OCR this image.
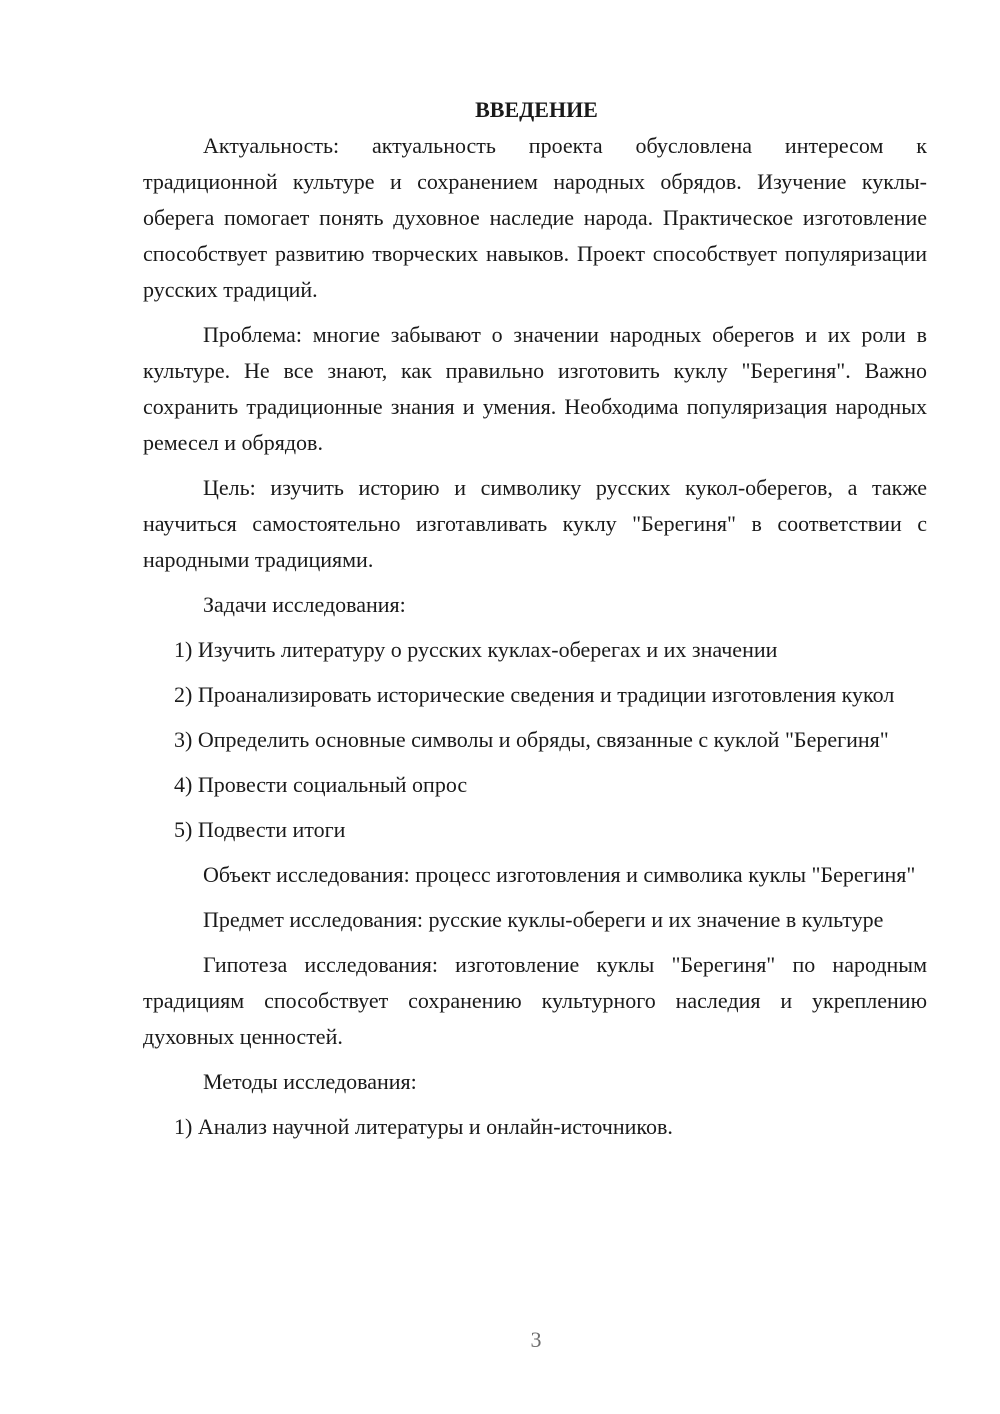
ВВЕДЕНИЕ

Актуальность: актуальность проекта обусловлена интересом к традиционной культуре и сохранением народных обрядов. Изучение куклы-оберега помогает понять духовное наследие народа. Практическое изготовление способствует развитию творческих навыков. Проект способствует популяризации русских традиций.

Проблема: многие забывают о значении народных оберегов и их роли в культуре. Не все знают, как правильно изготовить куклу "Берегиня". Важно сохранить традиционные знания и умения. Необходима популяризация народных ремесел и обрядов.

Цель: изучить историю и символику русских кукол-оберегов, а также научиться самостоятельно изготавливать куклу "Берегиня" в соответствии с народными традициями.

Задачи исследования:

1) Изучить литературу о русских куклах-оберегах и их значении

2) Проанализировать исторические сведения и традиции изготовления кукол

3) Определить основные символы и обряды, связанные с куклой "Берегиня"

4) Провести социальный опрос

5) Подвести итоги

Объект исследования: процесс изготовления и символика куклы "Берегиня"

Предмет исследования: русские куклы-обереги и их значение в культуре

Гипотеза исследования: изготовление куклы "Берегиня" по народным традициям способствует сохранению культурного наследия и укреплению духовных ценностей.

Методы исследования:

1) Анализ научной литературы и онлайн-источников.

3
